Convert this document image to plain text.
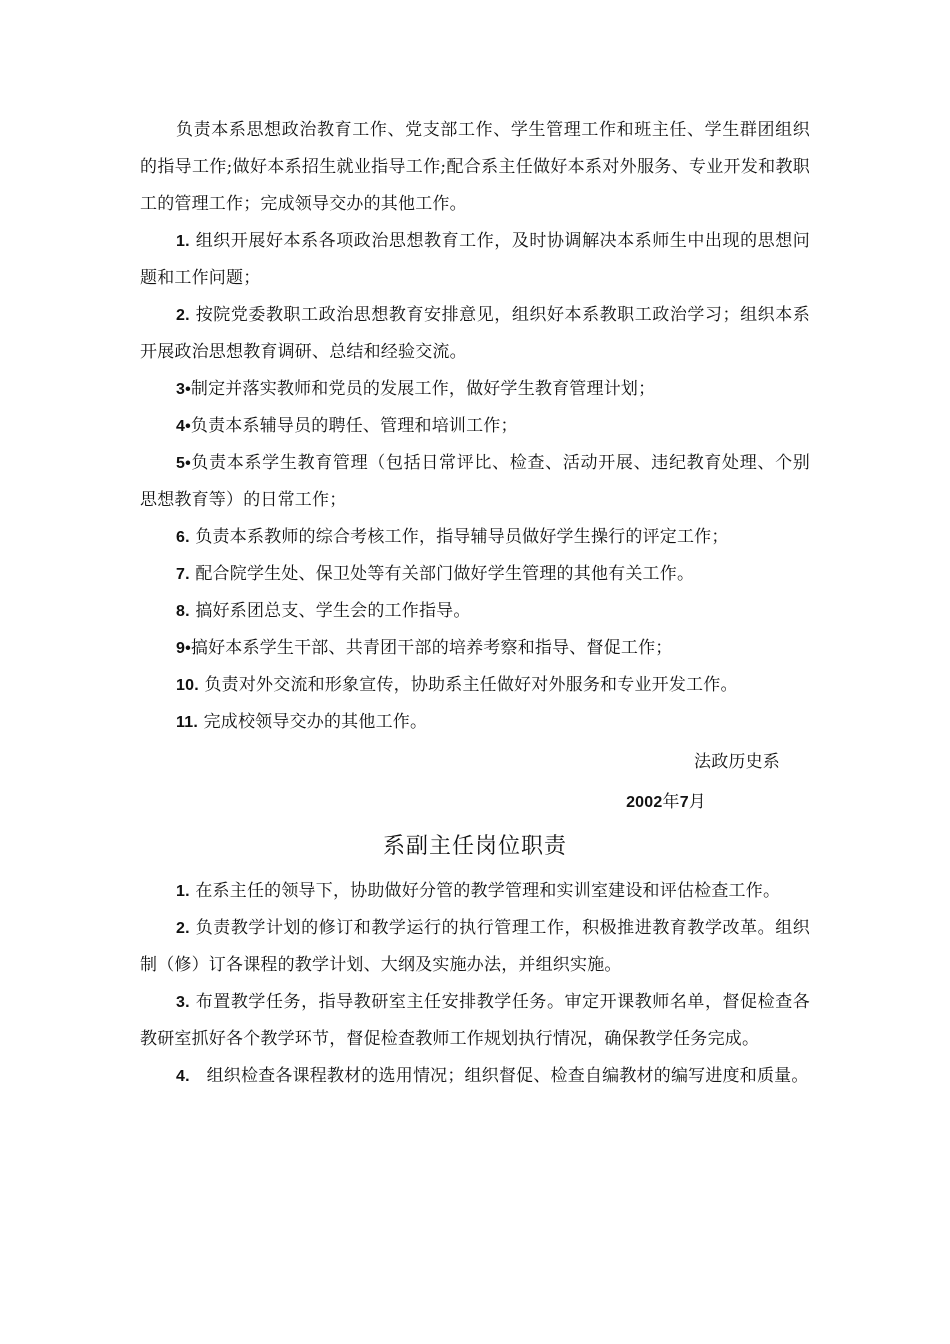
负责本系思想政治教育工作、党支部工作、学生管理工作和班主任、学生群团组织的指导工作;做好本系招生就业指导工作;配合系主任做好本系对外服务、专业开发和教职工的管理工作；完成领导交办的其他工作。

1. 组织开展好本系各项政治思想教育工作，及时协调解决本系师生中出现的思想问题和工作问题；

2. 按院党委教职工政治思想教育安排意见，组织好本系教职工政治学习；组织本系开展政治思想教育调研、总结和经验交流。

3•制定并落实教师和党员的发展工作，做好学生教育管理计划；

4•负责本系辅导员的聘任、管理和培训工作；

5•负责本系学生教育管理（包括日常评比、检查、活动开展、违纪教育处理、个别思想教育等）的日常工作；

6. 负责本系教师的综合考核工作，指导辅导员做好学生操行的评定工作；

7. 配合院学生处、保卫处等有关部门做好学生管理的其他有关工作。

8. 搞好系团总支、学生会的工作指导。

9•搞好本系学生干部、共青团干部的培养考察和指导、督促工作；

10. 负责对外交流和形象宣传，协助系主任做好对外服务和专业开发工作。

11. 完成校领导交办的其他工作。

法政历史系

2002年7月

系副主任岗位职责

1. 在系主任的领导下，协助做好分管的教学管理和实训室建设和评估检查工作。

2. 负责教学计划的修订和教学运行的执行管理工作，积极推进教育教学改革。组织制（修）订各课程的教学计划、大纲及实施办法，并组织实施。

3. 布置教学任务，指导教研室主任安排教学任务。审定开课教师名单，督促检查各教研室抓好各个教学环节，督促检查教师工作规划执行情况，确保教学任务完成。

4. 组织检查各课程教材的选用情况；组织督促、检查自编教材的编写进度和质量。
